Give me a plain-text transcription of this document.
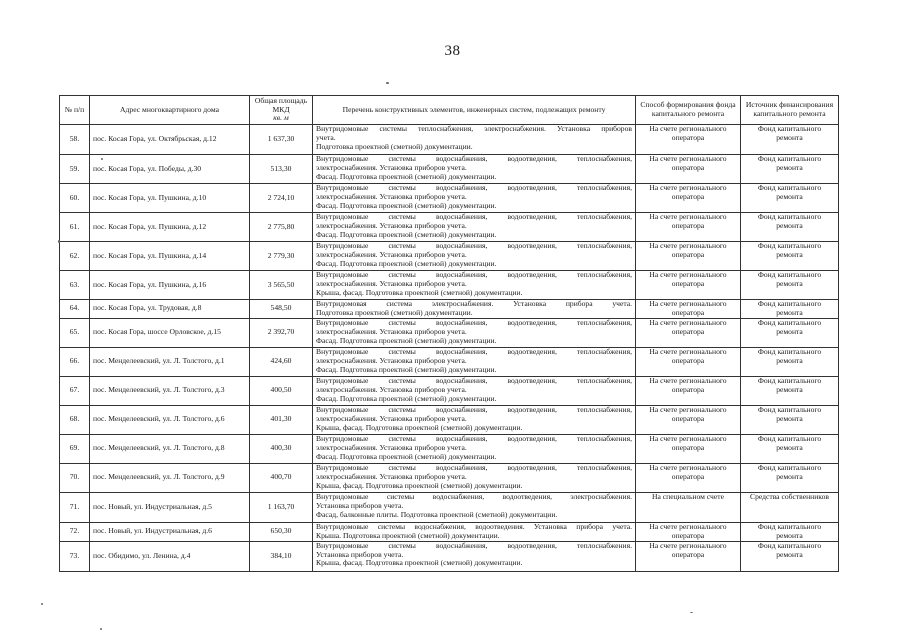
38
№ п/п	Адрес многоквартирного дома	Общая площадь МКД
кв. м	Перечень конструктивных элементов, инженерных систем, подлежащих ремонту	Способ формирования фонда капитального ремонта	Источник финансирования капитального ремонта
58.	пос. Косая Гора, ул. Октябрьская, д.12	1 637,30	Внутридомовые системы теплоснабжения, электроснабжения. Установка приборов
учета.
Подготовка проектной (сметной) документации.	На счете регионального оператора	Фонд капитального ремонта
59.	пос. Косая Гора, ул. Победы, д.30	513,30	Внутридомовые системы водоснабжения, водоотведения, теплоснабжения,
электроснабжения. Установка приборов учета.
Фасад. Подготовка проектной (сметной) документации.	На счете регионального оператора	Фонд капитального ремонта
60.	пос. Косая Гора, ул. Пушкина, д.10	2 724,10	Внутридомовые системы водоснабжения, водоотведения, теплоснабжения,
электроснабжения. Установка приборов учета.
Фасад. Подготовка проектной (сметной) документации.	На счете регионального оператора	Фонд капитального ремонта
61.	пос. Косая Гора, ул. Пушкина, д.12	2 775,80	Внутридомовые системы водоснабжения, водоотведения, теплоснабжения,
электроснабжения. Установка приборов учета.
Фасад. Подготовка проектной (сметной) документации.	На счете регионального оператора	Фонд капитального ремонта
62.	пос. Косая Гора, ул. Пушкина, д.14	2 779,30	Внутридомовые системы водоснабжения, водоотведения, теплоснабжения,
электроснабжения. Установка приборов учета.
Фасад. Подготовка проектной (сметной) документации.	На счете регионального оператора	Фонд капитального ремонта
63.	пос. Косая Гора, ул. Пушкина, д.16	3 565,50	Внутридомовые системы водоснабжения, водоотведения, теплоснабжения,
электроснабжения. Установка приборов учета.
Крыша, фасад. Подготовка проектной (сметной) документации.	На счете регионального оператора	Фонд капитального ремонта
64.	пос. Косая Гора, ул. Трудовая, д.8	548,50	Внутридомовая система электроснабжения. Установка прибора учета.
Подготовка проектной (сметной) документации.	На счете регионального оператора	Фонд капитального ремонта
65.	пос. Косая Гора, шоссе Орловское, д.15	2 392,70	Внутридомовые системы водоснабжения, водоотведения, теплоснабжения,
электроснабжения. Установка приборов учета.
Фасад. Подготовка проектной (сметной) документации.	На счете регионального оператора	Фонд капитального ремонта
66.	пос. Менделеевский, ул. Л. Толстого, д.1	424,60	Внутридомовые системы водоснабжения, водоотведения, теплоснабжения,
электроснабжения. Установка приборов учета.
Фасад. Подготовка проектной (сметной) документации.	На счете регионального оператора	Фонд капитального ремонта
67.	пос. Менделеевский, ул. Л. Толстого, д.3	400,50	Внутридомовые системы водоснабжения, водоотведения, теплоснабжения,
электроснабжения. Установка приборов учета.
Фасад. Подготовка проектной (сметной) документации.	На счете регионального оператора	Фонд капитального ремонта
68.	пос. Менделеевский, ул. Л. Толстого, д.6	401,30	Внутридомовые системы водоснабжения, водоотведения, теплоснабжения,
электроснабжения. Установка приборов учета.
Крыша, фасад. Подготовка проектной (сметной) документации.	На счете регионального оператора	Фонд капитального ремонта
69.	пос. Менделеевский, ул. Л. Толстого, д.8	400,30	Внутридомовые системы водоснабжения, водоотведения, теплоснабжения,
электроснабжения. Установка приборов учета.
Фасад. Подготовка проектной (сметной) документации.	На счете регионального оператора	Фонд капитального ремонта
70.	пос. Менделеевский, ул. Л. Толстого, д.9	400,70	Внутридомовые системы водоснабжения, водоотведения, теплоснабжения,
электроснабжения. Установка приборов учета.
Крыша, фасад. Подготовка проектной (сметной) документации.	На счете регионального оператора	Фонд капитального ремонта
71.	пос. Новый, ул. Индустриальная, д.5	1 163,70	Внутридомовые системы водоснабжения, водоотведения, электроснабжения.
Установка приборов учета.
Фасад, балконные плиты. Подготовка проектной (сметной) документации.	На специальном счете	Средства собственников
72.	пос. Новый, ул. Индустриальная, д.6	650,30	Внутридомовые системы водоснабжения, водоотведения. Установка прибора учета.
Крыша. Подготовка проектной (сметной) документации.	На счете регионального оператора	Фонд капитального ремонта
73.	пос. Обидимо, ул. Ленина, д.4	384,10	Внутридомовые системы водоснабжения, водоотведения, теплоснабжения.
Установка приборов учета.
Крыша, фасад. Подготовка проектной (сметной) документации.	На счете регионального оператора	Фонд капитального ремонта
